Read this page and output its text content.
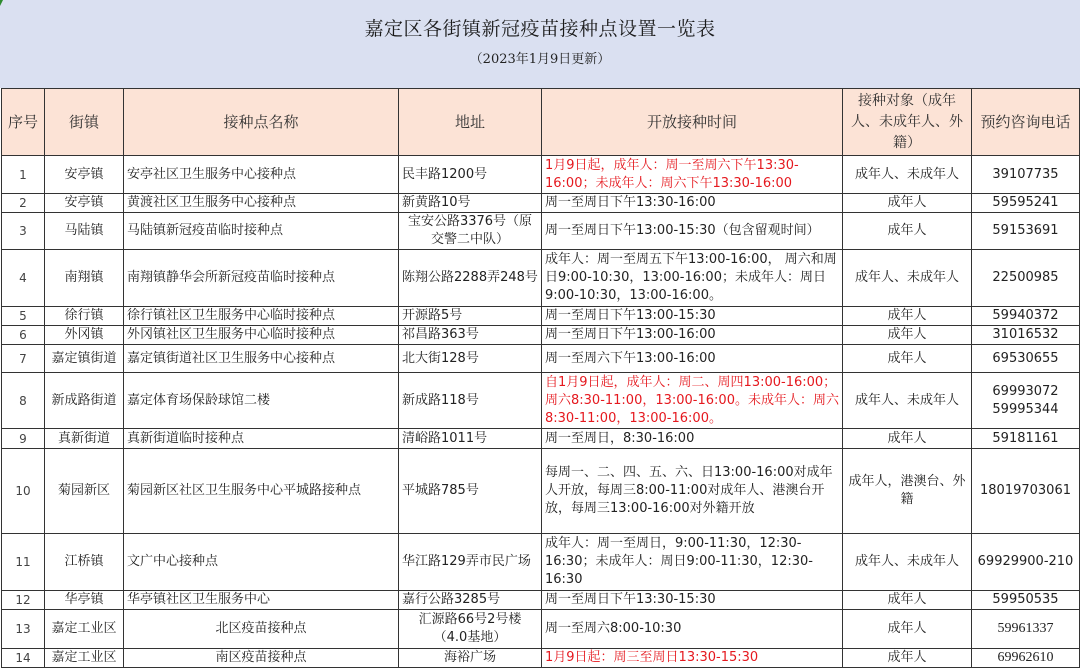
嘉定区各街镇新冠疫苗接种点设置一览表
（2023年1月9日更新）
序号	街镇	接种点名称	地址	开放接种时间	接种对象（成年人、未成年人、外籍）	预约咨询电话
1	安亭镇	安亭社区卫生服务中心接种点	民丰路1200号	1月9日起，成年人：周一至周六下午13:30-16:00；未成年人：周六下午13:30-16:00	成年人、未成年人	39107735
2	安亭镇	黄渡社区卫生服务中心接种点	新黄路10号	周一至周日下午13:30-16:00	成年人	59595241
3	马陆镇	马陆镇新冠疫苗临时接种点	宝安公路3376号（原交警二中队）	周一至周日下午13:00-15:30（包含留观时间）	成年人	59153691
4	南翔镇	南翔镇静华会所新冠疫苗临时接种点	陈翔公路2288弄248号	成年人：周一至周五下午13:00-16:00， 周六和周日9:00-10:30，13:00-16:00；未成年人：周日9:00-10:30，13:00-16:00。	成年人、未成年人	22500985
5	徐行镇	徐行镇社区卫生服务中心临时接种点	开源路5号	周一至周日下午13:00-15:30	成年人	59940372
6	外冈镇	外冈镇社区卫生服务中心临时接种点	祁昌路363号	周一至周日下午13:00-16:00	成年人	31016532
7	嘉定镇街道	嘉定镇街道社区卫生服务中心接种点	北大街128号	周一至周六下午13:00-16:00	成年人	69530655
8	新成路街道	嘉定体育场保龄球馆二楼	新成路118号	自1月9日起，成年人：周二、周四13:00-16:00；周六8:30-11:00，13:00-16:00。未成年人：周六8:30-11:00，13:00-16:00。	成年人、未成年人	69993072 59995344
9	真新街道	真新街道临时接种点	清峪路1011号	周一至周日，8:30-16:00	成年人	59181161
10	菊园新区	菊园新区社区卫生服务中心平城路接种点	平城路785号	每周一、二、四、五、六、日13:00-16:00对成年人开放，每周三8:00-11:00对成年人、港澳台开放，每周三13:00-16:00对外籍开放	成年人，港澳台、外籍	18019703061
11	江桥镇	文广中心接种点	华江路129弄市民广场	成年人：周一至周日，9:00-11:30，12:30-16:30；未成年人：周日9:00-11:30，12:30-16:30	成年人、未成年人	69929900-210
12	华亭镇	华亭镇社区卫生服务中心	嘉行公路3285号	周一至周日下午13:30-15:30	成年人	59950535
13	嘉定工业区	北区疫苗接种点	汇源路66号2号楼（4.0基地）	周一至周六8:00-10:30	成年人	59961337
14	嘉定工业区	南区疫苗接种点	海裕广场	1月9日起：周三至周日13:30-15:30	成年人	69962610
